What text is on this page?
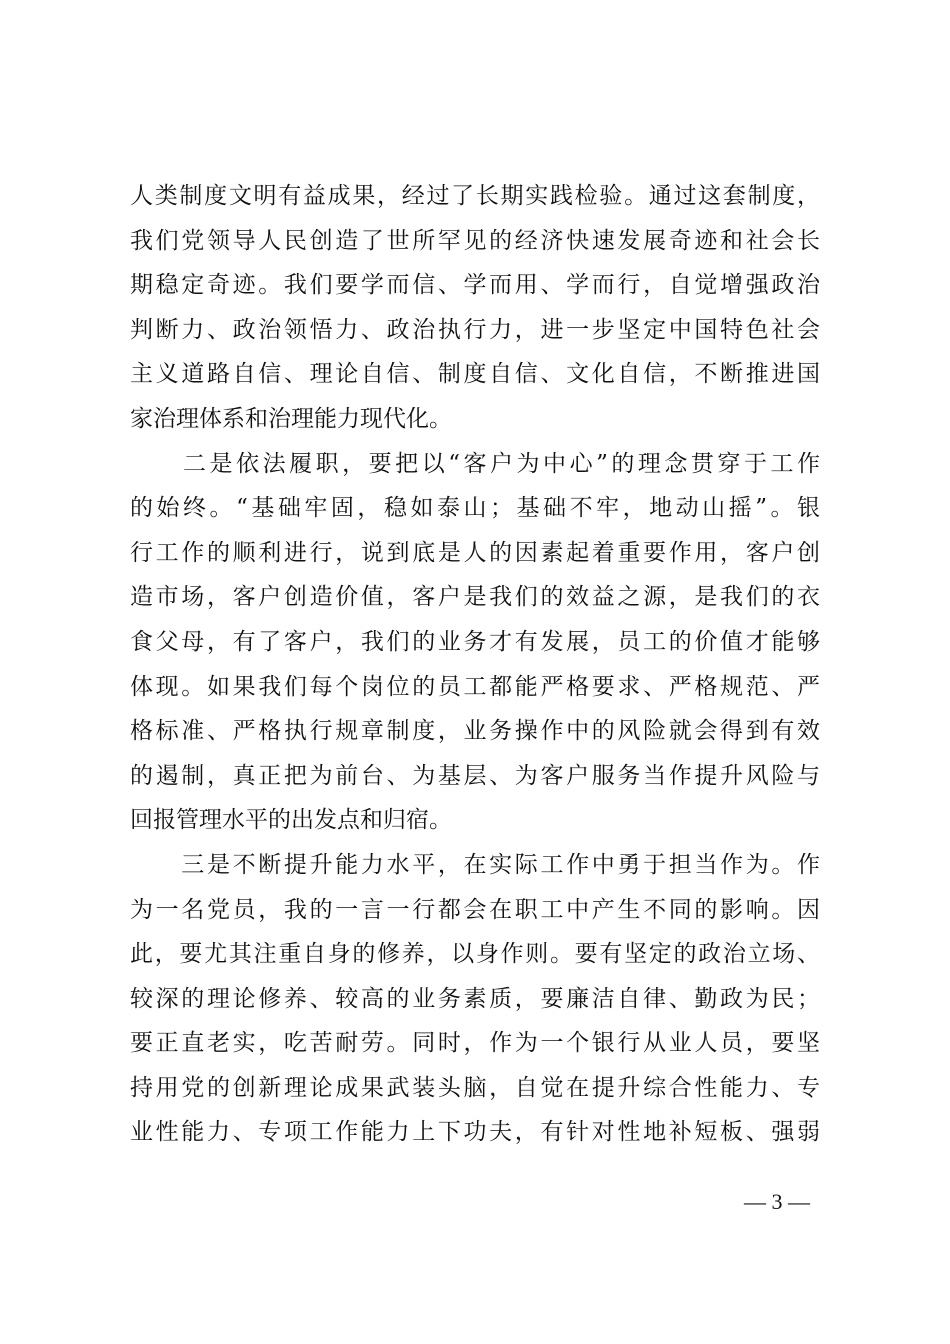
人类制度文明有益成果，经过了长期实践检验。通过这套制度，
我们党领导人民创造了世所罕见的经济快速发展奇迹和社会长
期稳定奇迹。我们要学而信、学而用、学而行，自觉增强政治
判断力、政治领悟力、政治执行力，进一步坚定中国特色社会
主义道路自信、理论自信、制度自信、文化自信，不断推进国
家治理体系和治理能力现代化。
　　二是依法履职，要把以“客户为中心”的理念贯穿于工作
的始终。“基础牢固，稳如泰山；基础不牢，地动山摇”。银
行工作的顺利进行，说到底是人的因素起着重要作用，客户创
造市场，客户创造价值，客户是我们的效益之源，是我们的衣
食父母，有了客户，我们的业务才有发展，员工的价值才能够
体现。如果我们每个岗位的员工都能严格要求、严格规范、严
格标准、严格执行规章制度，业务操作中的风险就会得到有效
的遏制，真正把为前台、为基层、为客户服务当作提升风险与
回报管理水平的出发点和归宿。
　　三是不断提升能力水平，在实际工作中勇于担当作为。作
为一名党员，我的一言一行都会在职工中产生不同的影响。因
此，要尤其注重自身的修养，以身作则。要有坚定的政治立场、
较深的理论修养、较高的业务素质，要廉洁自律、勤政为民；
要正直老实，吃苦耐劳。同时，作为一个银行从业人员，要坚
持用党的创新理论成果武装头脑，自觉在提升综合性能力、专
业性能力、专项工作能力上下功夫，有针对性地补短板、强弱
— 3 —
